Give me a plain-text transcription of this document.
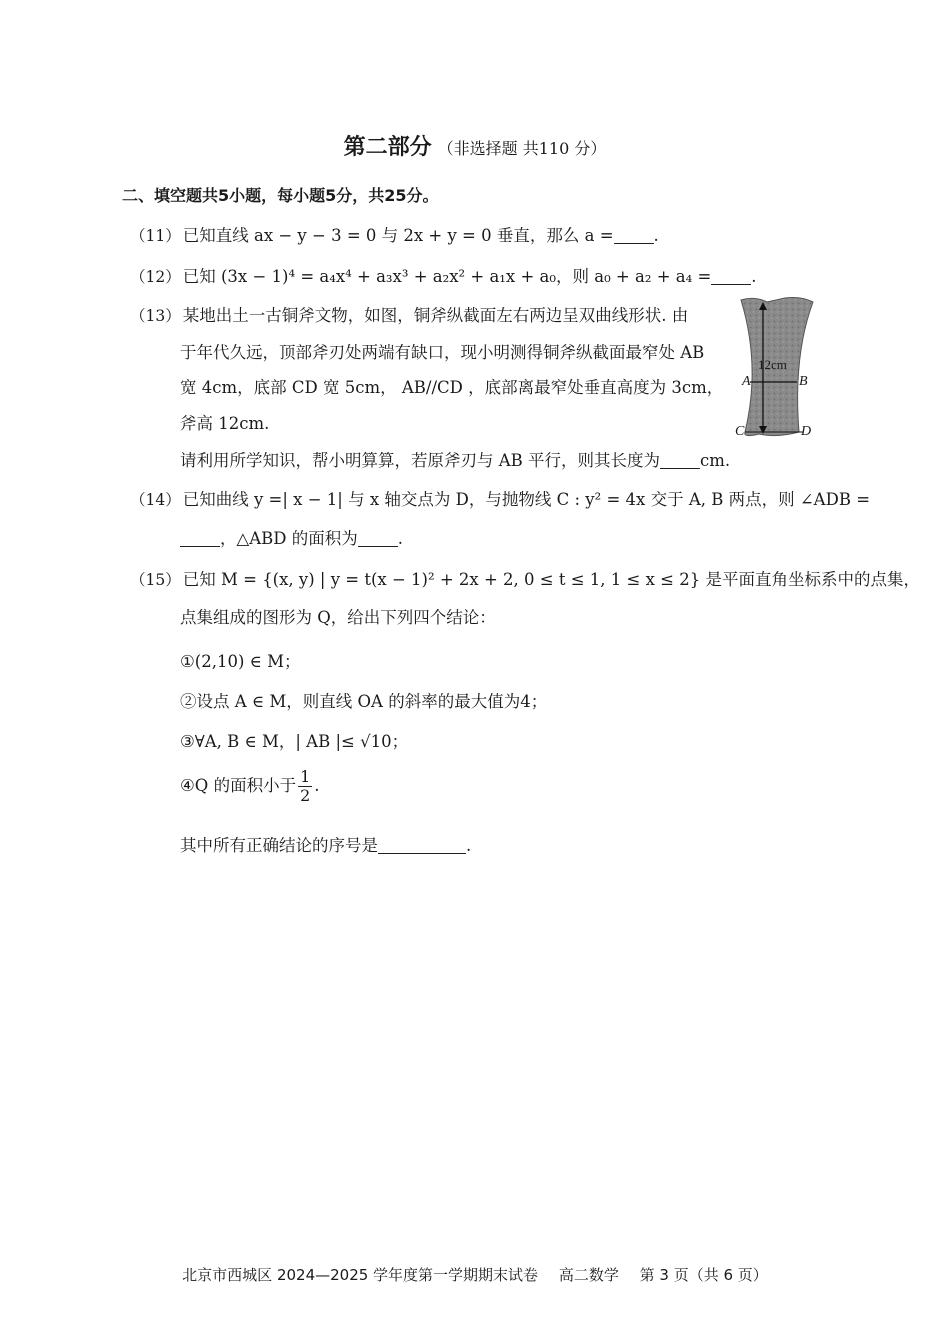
第二部分 （非选择题 共110 分）
二、填空题共5小题，每小题5分，共25分。
（11） 已知直线 ax − y − 3 = 0 与 2x + y = 0 垂直，那么 a = .
（12） 已知 (3x − 1)⁴ = a₄x⁴ + a₃x³ + a₂x² + a₁x + a₀，则 a₀ + a₂ + a₄ = .
（13） 某地出土一古铜斧文物，如图，铜斧纵截面左右两边呈双曲线形状. 由
于年代久远，顶部斧刃处两端有缺口，现小明测得铜斧纵截面最窄处 AB
宽 4cm，底部 CD 宽 5cm， AB//CD ，底部离最窄处垂直高度为 3cm，
斧高 12cm.
请利用所学知识，帮小明算算，若原斧刃与 AB 平行，则其长度为 cm.
12cm
A	B
C	D
（14） 已知曲线 y =| x − 1| 与 x 轴交点为 D，与抛物线 C : y² = 4x 交于 A, B 两点，则 ∠ADB =
，△ABD 的面积为 .
（15） 已知 M = {(x, y) | y = t(x − 1)² + 2x + 2, 0 ≤ t ≤ 1, 1 ≤ x ≤ 2} 是平面直角坐标系中的点集，
点集组成的图形为 Q，给出下列四个结论：
①(2,10) ∈ M；
②设点 A ∈ M，则直线 OA 的斜率的最大值为4；
③∀A, B ∈ M，| AB |≤ √10；
④Q 的面积小于 $\frac{1}{2}$ .
其中所有正确结论的序号是	.
北京市西城区 2024—2025 学年度第一学期期末试卷 高二数学 第 3 页（共 6 页）
